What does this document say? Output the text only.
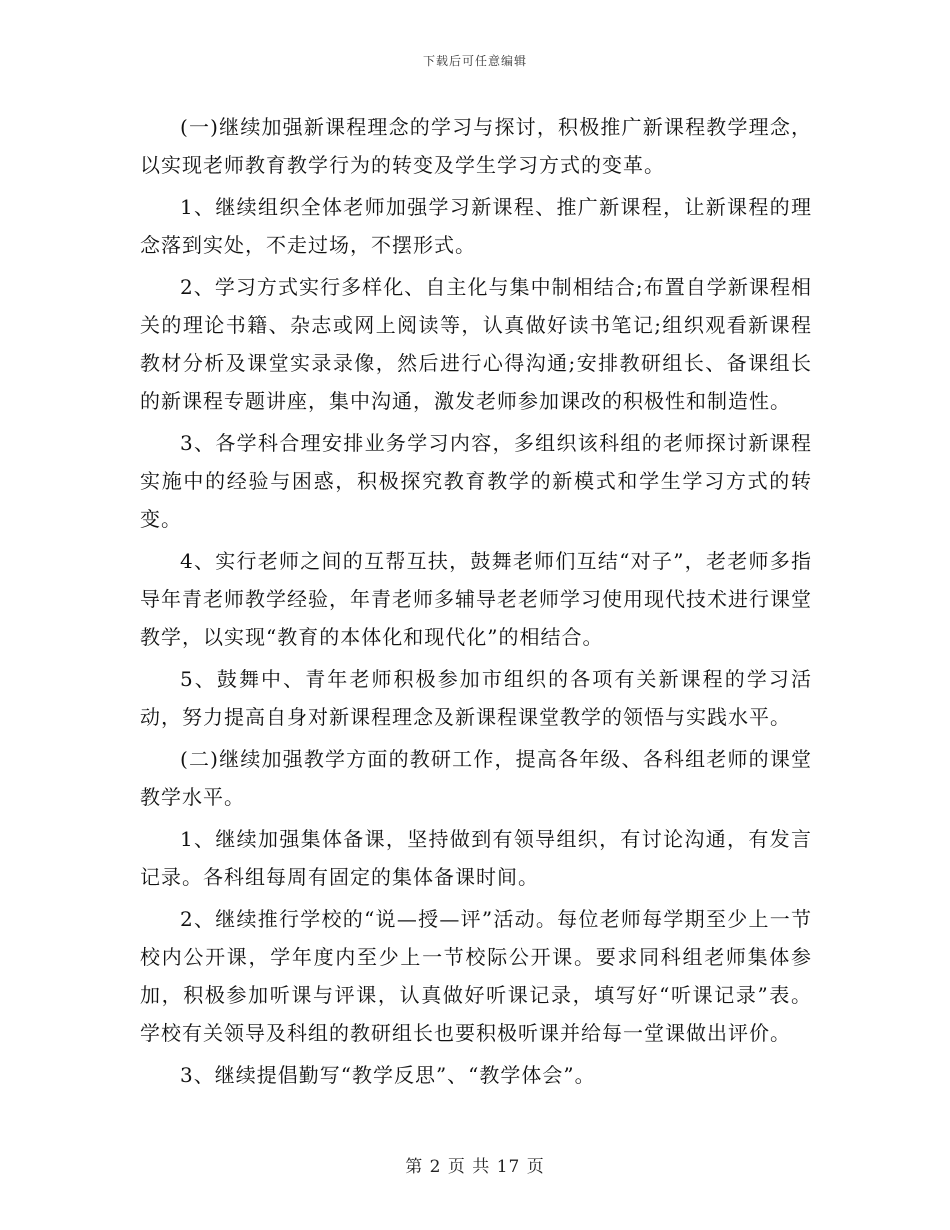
下载后可任意编辑

(一)继续加强新课程理念的学习与探讨，积极推广新课程教学理念，以实现老师教育教学行为的转变及学生学习方式的变革。

1、继续组织全体老师加强学习新课程、推广新课程，让新课程的理念落到实处，不走过场，不摆形式。

2、学习方式实行多样化、自主化与集中制相结合;布置自学新课程相关的理论书籍、杂志或网上阅读等，认真做好读书笔记;组织观看新课程教材分析及课堂实录录像，然后进行心得沟通;安排教研组长、备课组长的新课程专题讲座，集中沟通，激发老师参加课改的积极性和制造性。

3、各学科合理安排业务学习内容，多组织该科组的老师探讨新课程实施中的经验与困惑，积极探究教育教学的新模式和学生学习方式的转变。

4、实行老师之间的互帮互扶，鼓舞老师们互结“对子”，老老师多指导年青老师教学经验，年青老师多辅导老老师学习使用现代技术进行课堂教学，以实现“教育的本体化和现代化”的相结合。

5、鼓舞中、青年老师积极参加市组织的各项有关新课程的学习活动，努力提高自身对新课程理念及新课程课堂教学的领悟与实践水平。

(二)继续加强教学方面的教研工作，提高各年级、各科组老师的课堂教学水平。

1、继续加强集体备课，坚持做到有领导组织，有讨论沟通，有发言记录。各科组每周有固定的集体备课时间。

2、继续推行学校的“说—授—评”活动。每位老师每学期至少上一节校内公开课，学年度内至少上一节校际公开课。要求同科组老师集体参加，积极参加听课与评课，认真做好听课记录，填写好“听课记录”表。学校有关领导及科组的教研组长也要积极听课并给每一堂课做出评价。

3、继续提倡勤写“教学反思”、“教学体会”。

第 2 页 共 17 页
